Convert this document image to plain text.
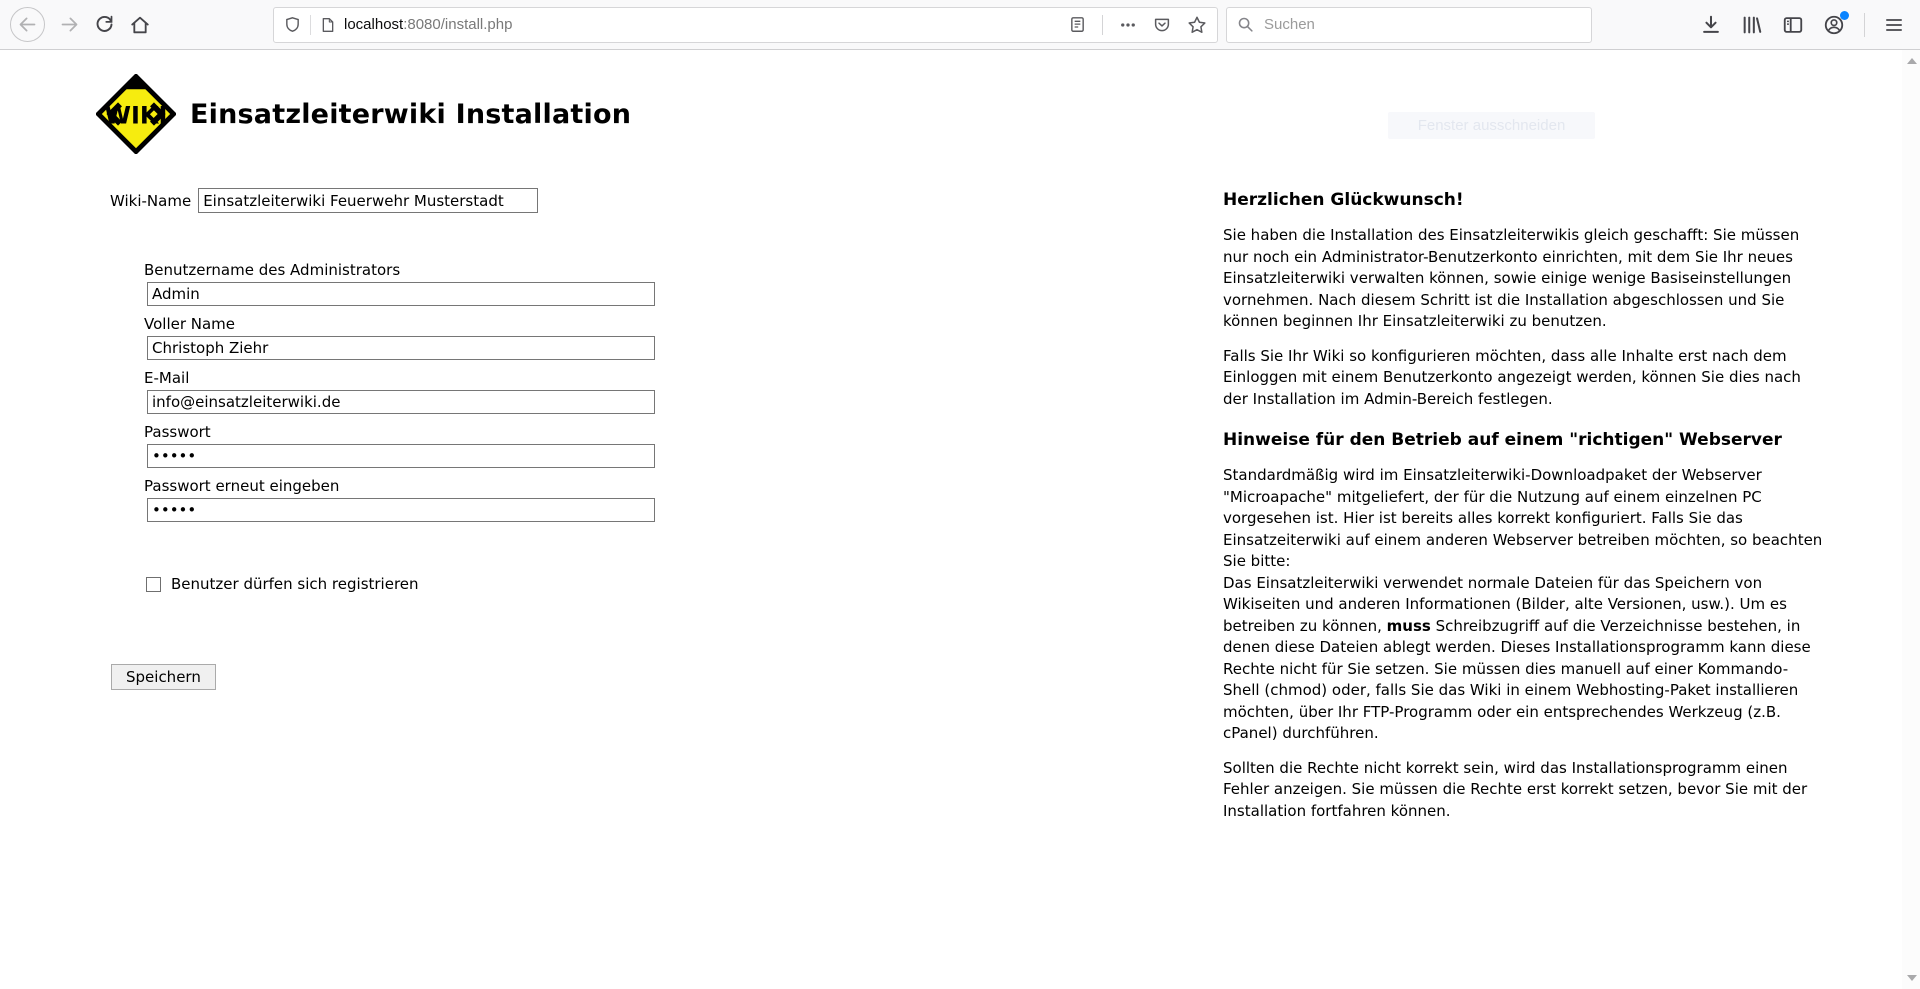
localhost:8080/install.php	Suchen
Fenster ausschneiden
WIKI Einsatzleiterwiki Installation
Wiki-Name
Einsatzleiterwiki Feuerwehr Musterstadt
Benutzername des Administrators
Admin
Voller Name
Christoph Ziehr
E-Mail
info@einsatzleiterwiki.de
Passwort
•••••
Passwort erneut eingeben
•••••
Benutzer dürfen sich registrieren
Speichern
Herzlichen Glückwunsch!

Sie haben die Installation des Einsatzleiterwikis gleich geschafft: Sie müssen nur noch ein Administrator-Benutzerkonto einrichten, mit dem Sie Ihr neues Einsatzleiterwiki verwalten können, sowie einige wenige Basiseinstellungen vornehmen. Nach diesem Schritt ist die Installation abgeschlossen und Sie können beginnen Ihr Einsatzleiterwiki zu benutzen.

Falls Sie Ihr Wiki so konfigurieren möchten, dass alle Inhalte erst nach dem Einloggen mit einem Benutzerkonto angezeigt werden, können Sie dies nach der Installation im Admin-Bereich festlegen.

Hinweise für den Betrieb auf einem "richtigen" Webserver

Standardmäßig wird im Einsatzleiterwiki-Downloadpaket der Webserver "Microapache" mitgeliefert, der für die Nutzung auf einem einzelnen PC vorgesehen ist. Hier ist bereits alles korrekt konfiguriert. Falls Sie das Einsatzeiterwiki auf einem anderen Webserver betreiben möchten, so beachten Sie bitte:
Das Einsatzleiterwiki verwendet normale Dateien für das Speichern von Wikiseiten und anderen Informationen (Bilder, alte Versionen, usw.). Um es betreiben zu können, muss Schreibzugriff auf die Verzeichnisse bestehen, in denen diese Dateien ablegt werden. Dieses Installationsprogramm kann diese Rechte nicht für Sie setzen. Sie müssen dies manuell auf einer Kommando-Shell (chmod) oder, falls Sie das Wiki in einem Webhosting-Paket installieren möchten, über Ihr FTP-Programm oder ein entsprechendes Werkzeug (z.B. cPanel) durchführen.

Sollten die Rechte nicht korrekt sein, wird das Installationsprogramm einen Fehler anzeigen. Sie müssen die Rechte erst korrekt setzen, bevor Sie mit der Installation fortfahren können.
